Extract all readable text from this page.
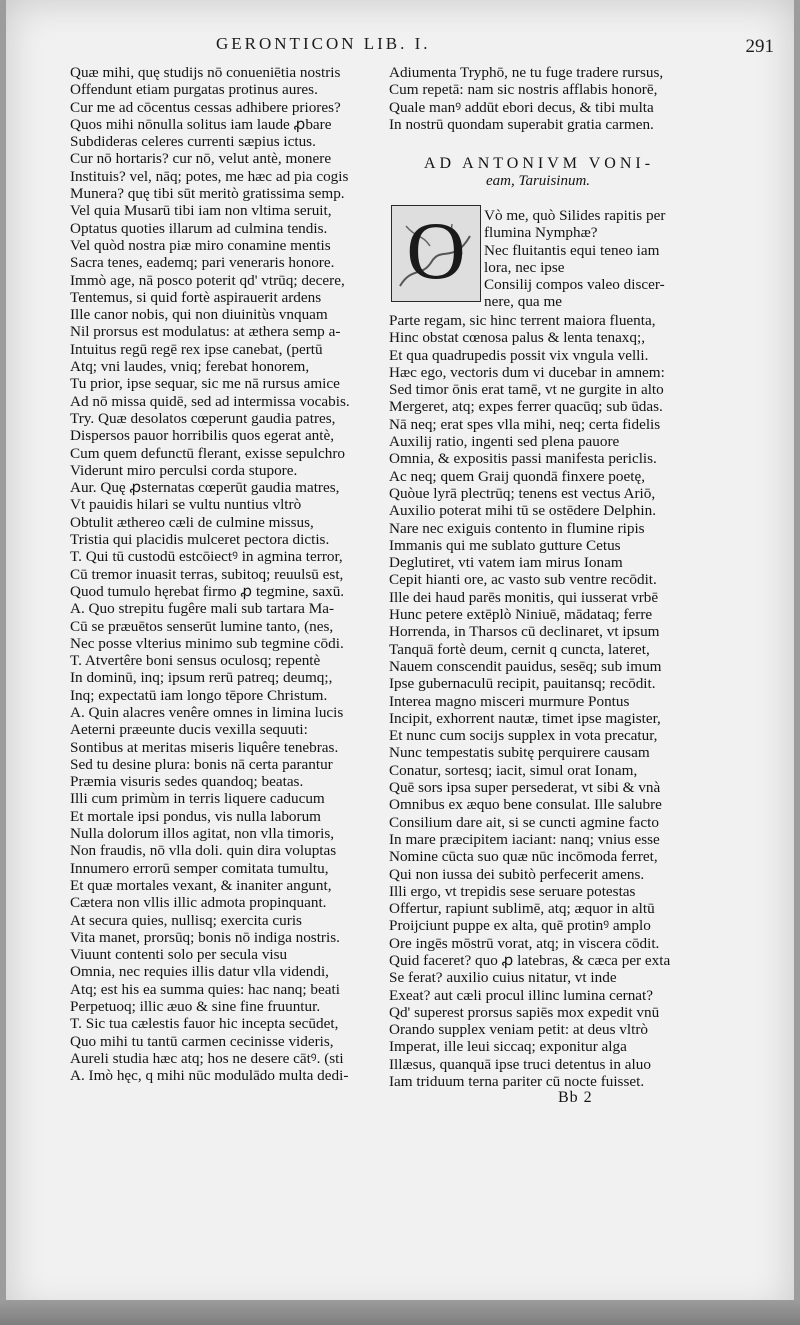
GERONTICON LIB. I.	291
Quæ mihi, quę studijs nō conueniētia nostris
Offendunt etiam purgatas protinus aures.
Cur me ad cōcentus cessas adhibere priores?
Quos mihi nōnulla solitus iam laude ꝓbare
Subdideras celeres currenti sæpius ictus.
Cur nō hortaris? cur nō, velut antè, monere
Instituis? vel, nāq; potes, me hæc ad pia cogis
Munera? quę tibi sūt meritò gratissima semp.
Vel quia Musarū tibi iam non vltima seruit,
Optatus quoties illarum ad culmina tendis.
Vel quòd nostra piæ miro conamine mentis
Sacra tenes, eademq; pari veneraris honore.
Immò age, nā posco poterit qd' vtrūq; decere,
Tentemus, si quid fortè aspirauerit ardens
Ille canor nobis, qui non diuinitùs vnquam
Nil prorsus est modulatus: at æthera semp a-
Intuitus regū regē rex ipse canebat, (pertū
Atq; vni laudes, vniq; ferebat honorem,
Tu prior, ipse sequar, sic me nā rursus amice
Ad nō missa quidē, sed ad intermissa vocabis.
Try. Quæ desolatos cœperunt gaudia patres,
Dispersos pauor horribilis quos egerat antè,
Cum quem defunctū flerant, exisse sepulchro
Viderunt miro perculsi corda stupore.
Aur. Quę ꝓsternatas cœperūt gaudia matres,
Vt pauidis hilari se vultu nuntius vltrò
Obtulit æthereo cæli de culmine missus,
Tristia qui placidis mulceret pectora dictis.
T. Qui tū custodū estcōiectꝰ in agmina terror,
Cū tremor inuasit terras, subitoq; reuulsū est,
Quod tumulo hęrebat firmo ꝓ tegmine, saxū.
A. Quo strepitu fugêre mali sub tartara Ma-
Cū se præuētos senserūt lumine tanto, (nes,
Nec posse vlterius minimo sub tegmine cōdi.
T. Atvertêre boni sensus oculosq; repentè
In dominū, inq; ipsum rerū patreq; deumq;,
Inq; expectatū iam longo tēpore Christum.
A. Quin alacres venêre omnes in limina lucis
Aeterni præeunte ducis vexilla sequuti:
Sontibus at meritas miseris liquêre tenebras.
Sed tu desine plura: bonis nā certa parantur
Præmia visuris sedes quandoq; beatas.
Illi cum primùm in terris liquere caducum
Et mortale ipsi pondus, vis nulla laborum
Nulla dolorum illos agitat, non vlla timoris,
Non fraudis, nō vlla doli. quin dira voluptas
Innumero errorū semper comitata tumultu,
Et quæ mortales vexant, & inaniter angunt,
Cætera non vllis illic admota propinquant.
At secura quies, nullisq; exercita curis
Vita manet, prorsūq; bonis nō indiga nostris.
Viuunt contenti solo per secula visu
Omnia, nec requies illis datur vlla videndi,
Atq; est his ea summa quies: hac nanq; beati
Perpetuoq; illic æuo & sine fine fruuntur.
T. Sic tua cælestis fauor hic incepta secūdet,
Quo mihi tu tantū carmen cecinisse videris,
Aureli studia hæc atq; hos ne desere cātꝰ. (sti
A. Imò hęc, q mihi nūc modulādo multa dedi-
Adiumenta Tryphō, ne tu fuge tradere rursus,
Cum repetā: nam sic nostris afflabis honorē,
Quale manꝰ addūt ebori decus, & tibi multa
In nostrū quondam superabit gratia carmen.
AD ANTONIVM VONI-
eam, Taruisinum.
O Vò me, quò Silides rapitis per
flumina Nymphæ?
Nec fluitantis equi teneo iam
lora, nec ipse
Consilij compos valeo discer-
nere, qua me
Parte regam, sic hinc terrent maiora fluenta,
Hinc obstat cœnosa palus & lenta tenaxq;,
Et qua quadrupedis possit vix vngula velli.
Hæc ego, vectoris dum vi ducebar in amnem:
Sed timor ōnis erat tamē, vt ne gurgite in alto
Mergeret, atq; expes ferrer quacūq; sub ūdas.
Nā neq; erat spes vlla mihi, neq; certa fidelis
Auxilij ratio, ingenti sed plena pauore
Omnia, & expositis passi manifesta periclis.
Ac neq; quem Graij quondā finxere poetę,
Quòue lyrā plectrūq; tenens est vectus Ariō,
Auxilio poterat mihi tū se ostēdere Delphin.
Nare nec exiguis contento in flumine ripis
Immanis qui me sublato gutture Cetus
Deglutiret, vti vatem iam mirus Ionam
Cepit hianti ore, ac vasto sub ventre recōdit.
Ille dei haud parēs monitis, qui iusserat vrbē
Hunc petere extēplò Niniuē, mādataq; ferre
Horrenda, in Tharsos cū declinaret, vt ipsum
Tanquā fortè deum, cernit q cuncta, lateret,
Nauem conscendit pauidus, sesēq; sub imum
Ipse gubernaculū recipit, pauitansq; recōdit.
Interea magno misceri murmure Pontus
Incipit, exhorrent nautæ, timet ipse magister,
Et nunc cum socijs supplex in vota precatur,
Nunc tempestatis subitę perquirere causam
Conatur, sortesq; iacit, simul orat Ionam,
Quē sors ipsa super persederat, vt sibi & vnà
Omnibus ex æquo bene consulat. Ille salubre
Consilium dare ait, si se cuncti agmine facto
In mare præcipitem iaciant: nanq; vnius esse
Nomine cūcta suo quæ nūc incōmoda ferret,
Qui non iussa dei subitò perfecerit amens.
Illi ergo, vt trepidis sese seruare potestas
Offertur, rapiunt sublimē, atq; æquor in altū
Proijciunt puppe ex alta, quē protinꝰ amplo
Ore ingēs mōstrū vorat, atq; in viscera cōdit.
Quid faceret? quo ꝓ latebras, & cæca per exta
Se ferat? auxilio cuius nitatur, vt inde
Exeat? aut cæli procul illinc lumina cernat?
Qd' superest prorsus sapiēs mox expedit vnū
Orando supplex veniam petit: at deus vltrò
Imperat, ille leui siccaq; exponitur alga
Illæsus, quanquā ipse truci detentus in aluo
Iam triduum terna pariter cū nocte fuisset.
Bb 2
